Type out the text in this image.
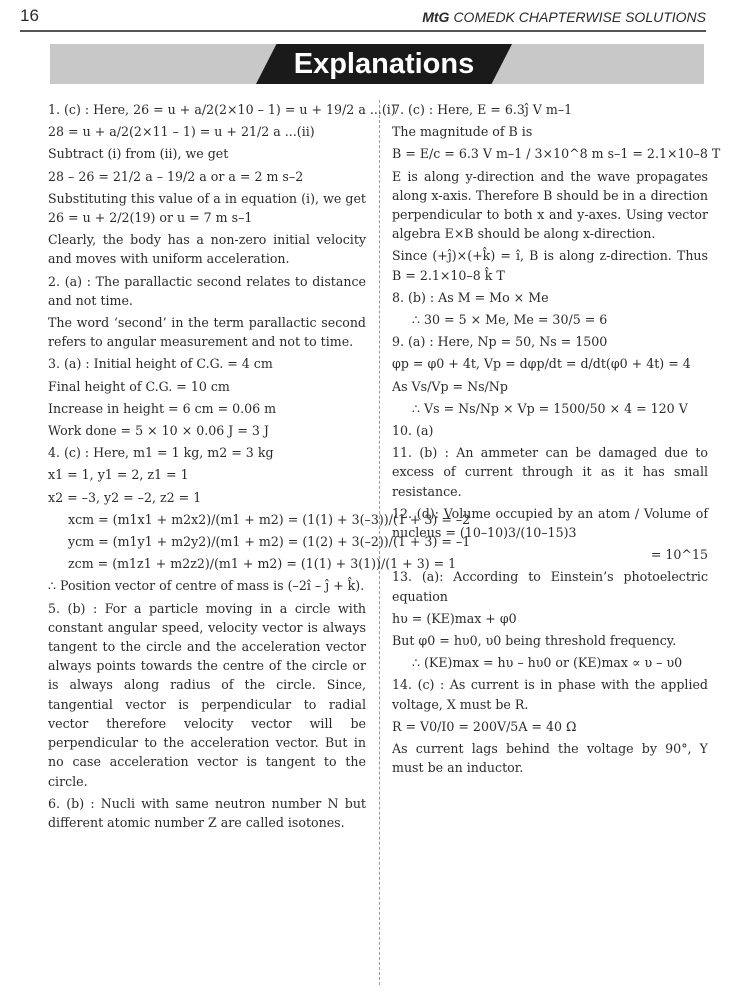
16	MtG COMEDK CHAPTERWISE SOLUTIONS
Explanations

1. (c) : Here, 26 = u + a/2(2×10 – 1) = u + 19/2 a ...(i)

28 = u + a/2(2×11 – 1) = u + 21/2 a ...(ii)

Subtract (i) from (ii), we get

28 – 26 = 21/2 a – 19/2 a or a = 2 m s–2

Substituting this value of a in equation (i), we get 26 = u + 2/2(19) or u = 7 m s–1

Clearly, the body has a non-zero initial velocity and moves with uniform acceleration.

2. (a) : The parallactic second relates to distance and not time.

The word ‘second’ in the term parallactic second refers to angular measurement and not to time.

3. (a) : Initial height of C.G. = 4 cm

Final height of C.G. = 10 cm

Increase in height = 6 cm = 0.06 m

Work done = 5 × 10 × 0.06 J = 3 J

4. (c) : Here, m1 = 1 kg, m2 = 3 kg

x1 = 1, y1 = 2, z1 = 1

x2 = –3, y2 = –2, z2 = 1

xcm = (m1x1 + m2x2)/(m1 + m2) = (1(1) + 3(–3))/(1 + 3) = –2

ycm = (m1y1 + m2y2)/(m1 + m2) = (1(2) + 3(–2))/(1 + 3) = –1

zcm = (m1z1 + m2z2)/(m1 + m2) = (1(1) + 3(1))/(1 + 3) = 1

∴ Position vector of centre of mass is (–2î – ĵ + k̂).

5. (b) : For a particle moving in a circle with constant angular speed, velocity vector is always tangent to the circle and the acceleration vector always points towards the centre of the circle or is always along radius of the circle. Since, tangential vector is perpendicular to radial vector therefore velocity vector will be perpendicular to the acceleration vector. But in no case acceleration vector is tangent to the circle.

6. (b) : Nucli with same neutron number N but different atomic number Z are called isotones.

7. (c) : Here, E = 6.3ĵ V m–1

The magnitude of B is

B = E/c = 6.3 V m–1 / 3×10^8 m s–1 = 2.1×10–8 T

E is along y-direction and the wave propagates along x-axis. Therefore B should be in a direction perpendicular to both x and y-axes. Using vector algebra E×B should be along x-direction.

Since (+ĵ)×(+k̂) = î, B is along z-direction. Thus B = 2.1×10–8 k̂ T

8. (b) : As M = Mo × Me

∴ 30 = 5 × Me, Me = 30/5 = 6

9. (a) : Here, Np = 50, Ns = 1500

φp = φ0 + 4t, Vp = dφp/dt = d/dt(φ0 + 4t) = 4

As Vs/Vp = Ns/Np

∴ Vs = Ns/Np × Vp = 1500/50 × 4 = 120 V

10. (a)

11. (b) : An ammeter can be damaged due to excess of current through it as it has small resistance.

12. (d): Volume occupied by an atom / Volume of nucleus = (10–10)3/(10–15)3

= 10^15

13. (a): According to Einstein’s photoelectric equation

hυ = (KE)max + φ0

But φ0 = hυ0, υ0 being threshold frequency.

∴ (KE)max = hυ – hυ0 or (KE)max ∝ υ – υ0

14. (c) : As current is in phase with the applied voltage, X must be R.

R = V0/I0 = 200V/5A = 40 Ω

As current lags behind the voltage by 90°, Y must be an inductor.
